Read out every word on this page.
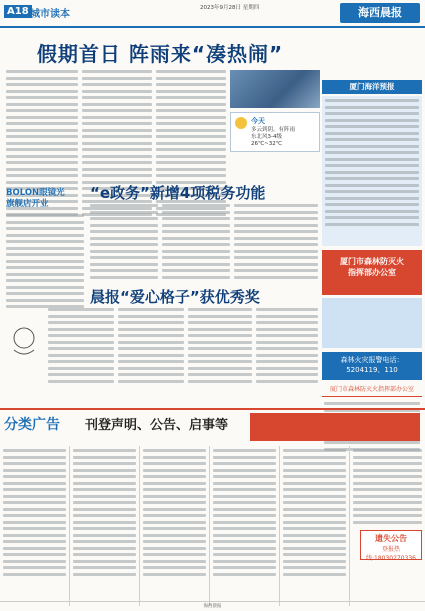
A18 城市读本
2023年9月28日 星期四	海西晨报
假期首日 阵雨来“凑热闹”
今天
多云到阴，有阵雨
东北风3-4级
26℃~32℃
厦门海洋预报
厦门市森林防灭火
指挥部办公室
森林火灾报警电话：
5204119、110
厦门市森林防灭火指挥部办公室
BOLON眼镜光
旗舰店开业
“e政务”新增4项税务功能
晨报“爱心格子”获优秀奖
分类广告 刊登声明、公告、启事等
遗失公告
登报热线:18030270336
海西晨报
